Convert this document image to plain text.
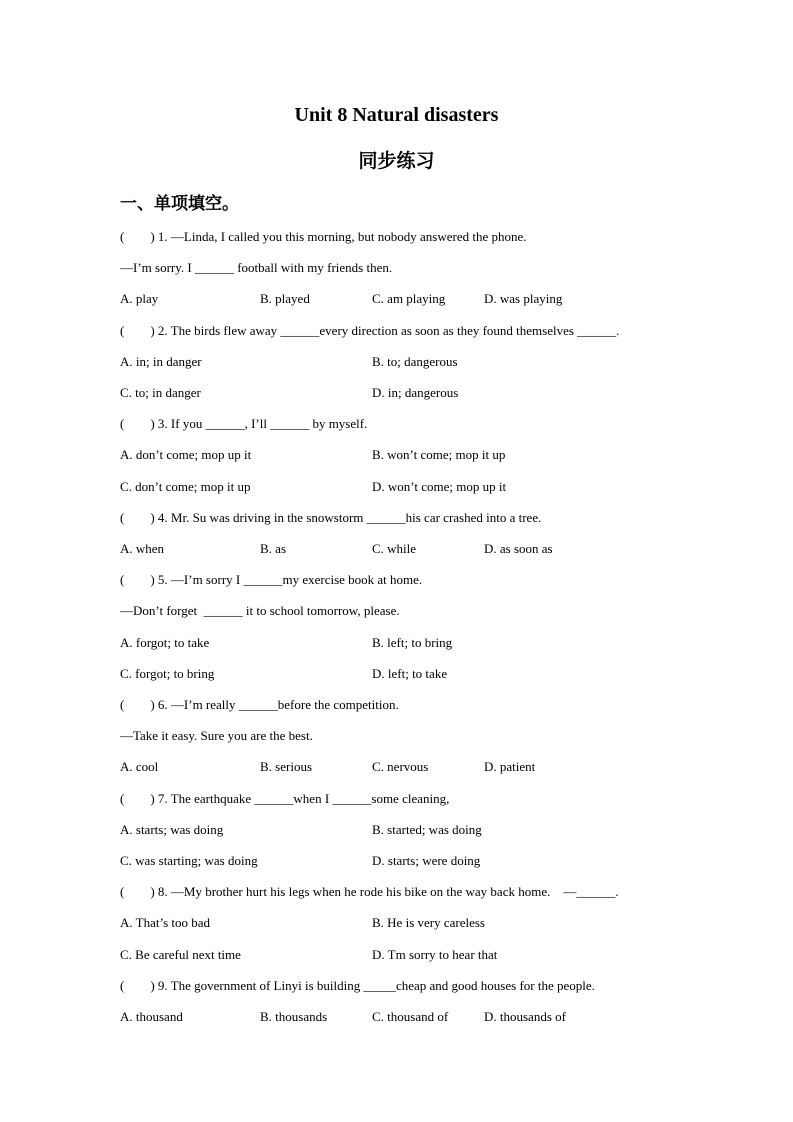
Unit 8 Natural disasters
同步练习
一、单项填空。
(        ) 1. —Linda, I called you this morning, but nobody answered the phone.
—I’m sorry. I ______ football with my friends then.
A. play	B. played	C. am playing	D. was playing
(        ) 2. The birds flew away ______every direction as soon as they found themselves ______.
A. in; in danger	B. to; dangerous
C. to; in danger	D. in; dangerous
(        ) 3. If you ______, I’ll ______ by myself.
A. don’t come; mop up it	B. won’t come; mop it up
C. don’t come; mop it up	D. won’t come; mop up it
(        ) 4. Mr. Su was driving in the snowstorm ______his car crashed into a tree.
A. when	B. as	C. while	D. as soon as
(        ) 5. —I’m sorry I ______my exercise book at home.
—Don’t forget  ______ it to school tomorrow, please.
A. forgot; to take	B. left; to bring
C. forgot; to bring	D. left; to take
(        ) 6. —I’m really ______before the competition.
—Take it easy. Sure you are the best.
A. cool	B. serious	C. nervous	D. patient
(        ) 7. The earthquake ______when I ______some cleaning,
A. starts; was doing	B. started; was doing
C. was starting; was doing	D. starts; were doing
(        ) 8. —My brother hurt his legs when he rode his bike on the way back home.    —______.
A. That’s too bad	B. He is very careless
C. Be careful next time	D. Tm sorry to hear that
(        ) 9. The government of Linyi is building _____cheap and good houses for the people.
A. thousand	B. thousands	C. thousand of	D. thousands of
